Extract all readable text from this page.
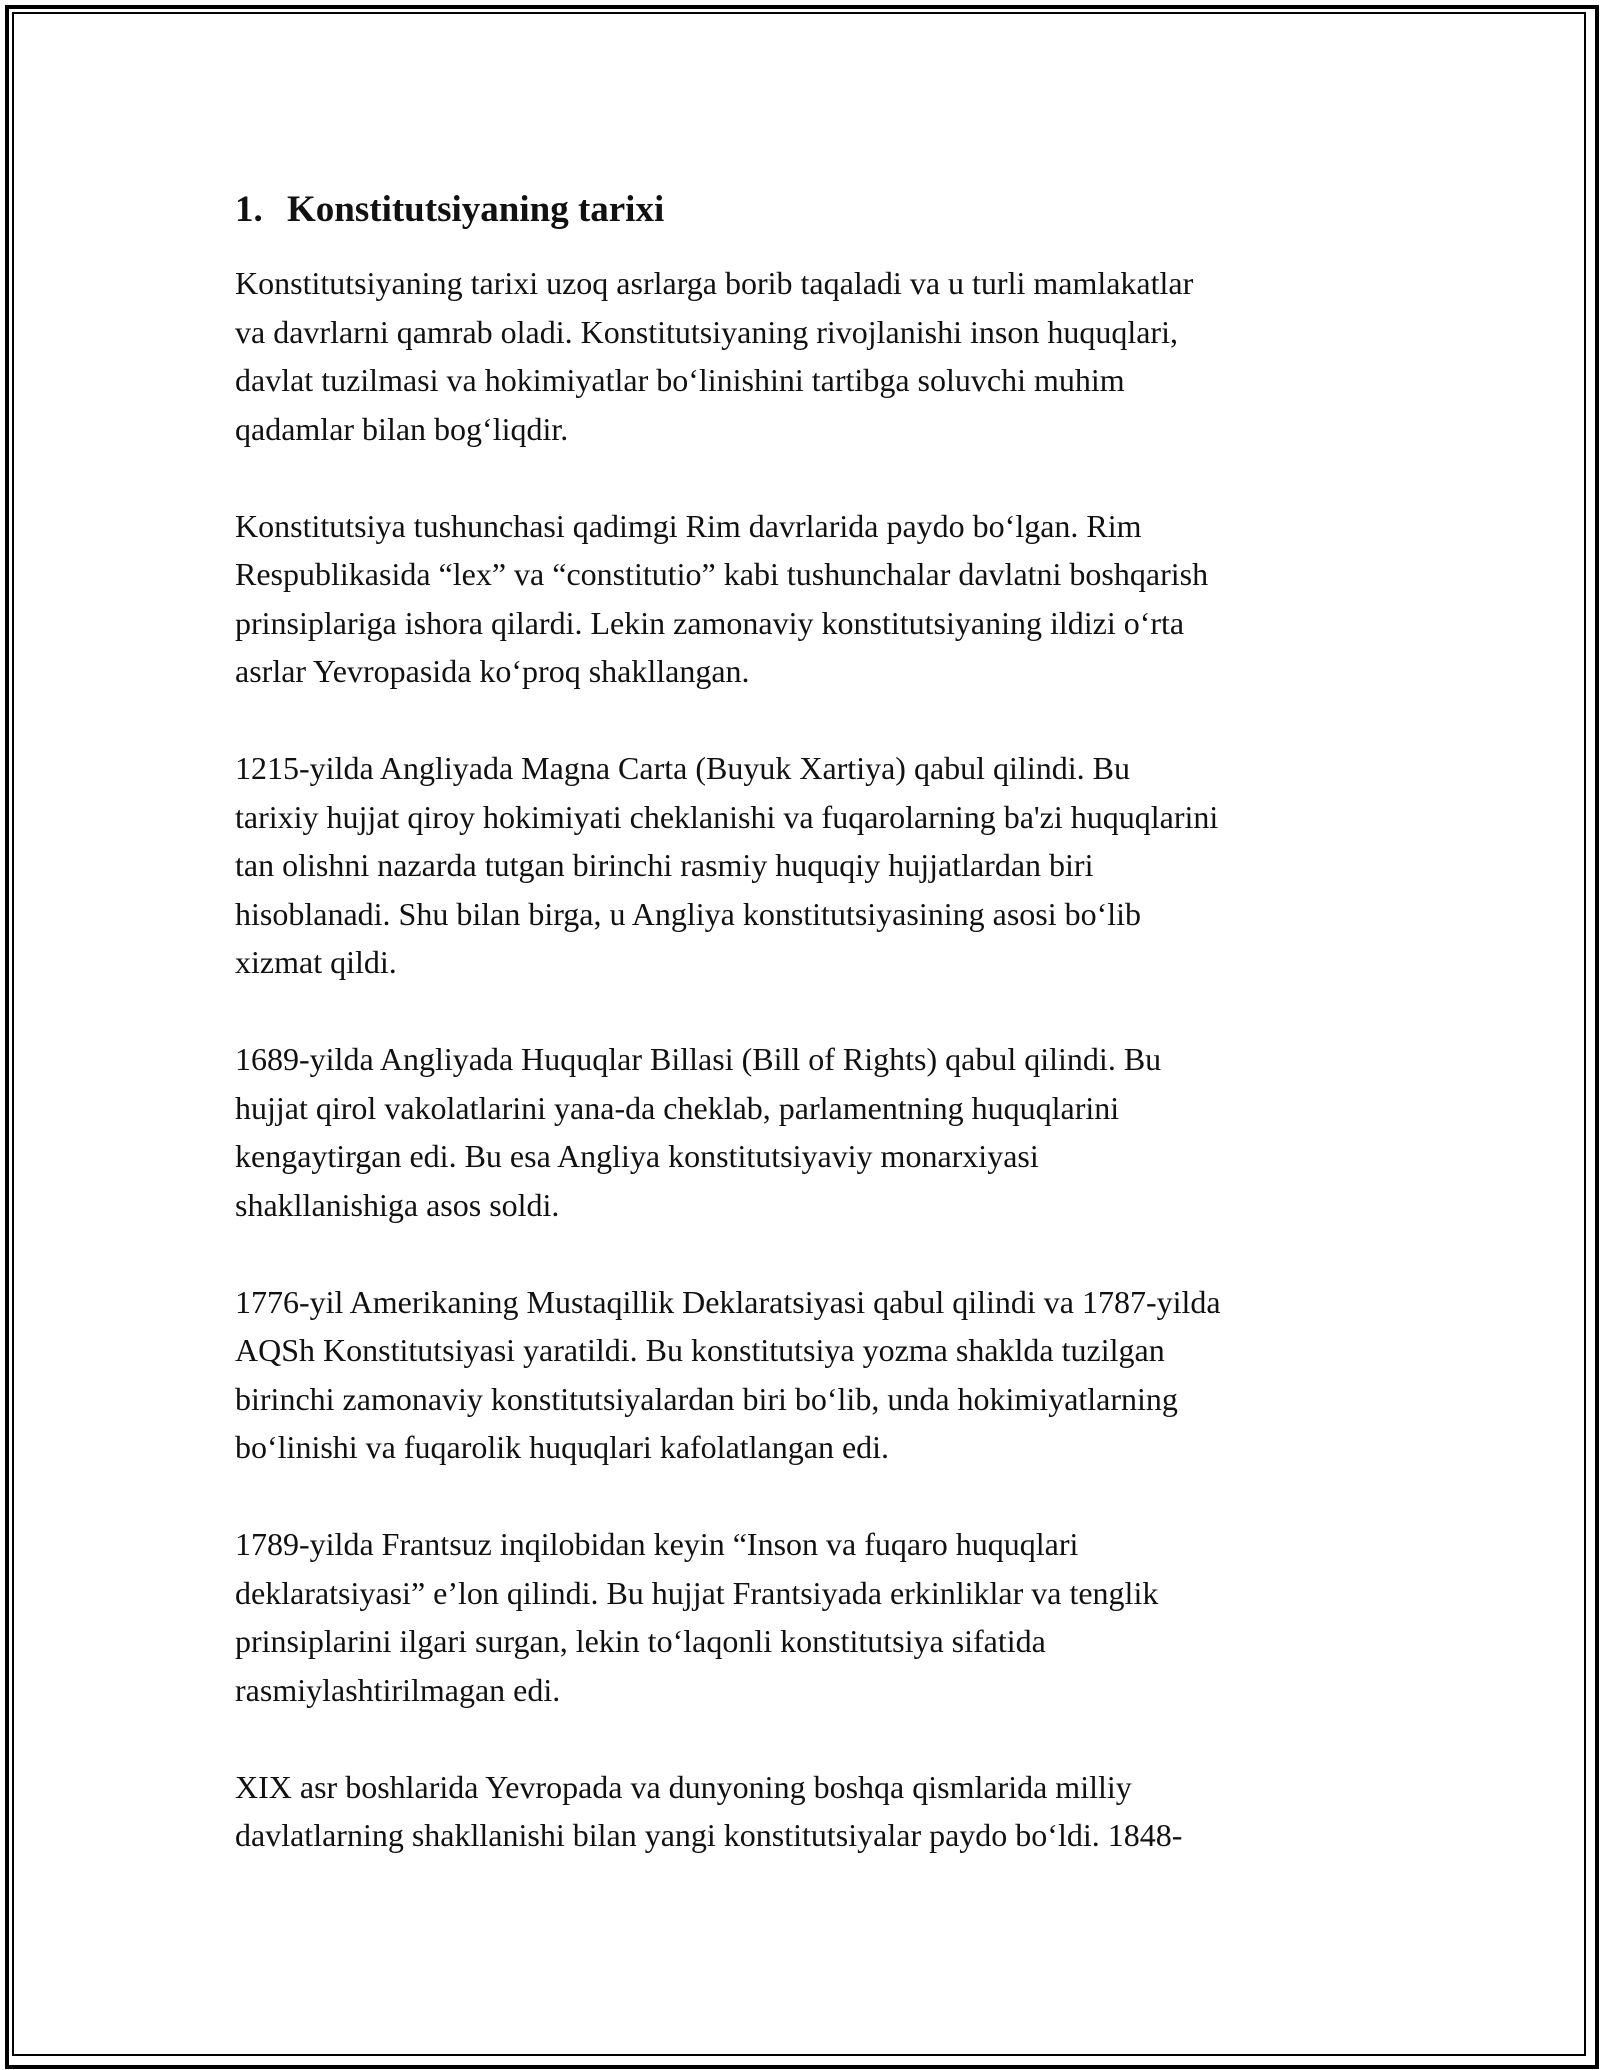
1. Konstitutsiyaning tarixi

Konstitutsiyaning tarixi uzoq asrlarga borib taqaladi va u turli mamlakatlar
va davrlarni qamrab oladi. Konstitutsiyaning rivojlanishi inson huquqlari,
davlat tuzilmasi va hokimiyatlar boʻlinishini tartibga soluvchi muhim
qadamlar bilan bogʻliqdir.

Konstitutsiya tushunchasi qadimgi Rim davrlarida paydo boʻlgan. Rim
Respublikasida “lex” va “constitutio” kabi tushunchalar davlatni boshqarish
prinsiplariga ishora qilardi. Lekin zamonaviy konstitutsiyaning ildizi oʻrta
asrlar Yevropasida koʻproq shakllangan.

1215-yilda Angliyada Magna Carta (Buyuk Xartiya) qabul qilindi. Bu
tarixiy hujjat qiroy hokimiyati cheklanishi va fuqarolarning ba'zi huquqlarini
tan olishni nazarda tutgan birinchi rasmiy huquqiy hujjatlardan biri
hisoblanadi. Shu bilan birga, u Angliya konstitutsiyasining asosi boʻlib
xizmat qildi.

1689-yilda Angliyada Huquqlar Billasi (Bill of Rights) qabul qilindi. Bu
hujjat qirol vakolatlarini yana-da cheklab, parlamentning huquqlarini
kengaytirgan edi. Bu esa Angliya konstitutsiyaviy monarxiyasi
shakllanishiga asos soldi.

1776-yil Amerikaning Mustaqillik Deklaratsiyasi qabul qilindi va 1787-yilda
AQSh Konstitutsiyasi yaratildi. Bu konstitutsiya yozma shaklda tuzilgan
birinchi zamonaviy konstitutsiyalardan biri boʻlib, unda hokimiyatlarning
boʻlinishi va fuqarolik huquqlari kafolatlangan edi.

1789-yilda Frantsuz inqilobidan keyin “Inson va fuqaro huquqlari
deklaratsiyasi” e’lon qilindi. Bu hujjat Frantsiyada erkinliklar va tenglik
prinsiplarini ilgari surgan, lekin toʻlaqonli konstitutsiya sifatida
rasmiylashtirilmagan edi.

XIX asr boshlarida Yevropada va dunyoning boshqa qismlarida milliy
davlatlarning shakllanishi bilan yangi konstitutsiyalar paydo boʻldi. 1848-
